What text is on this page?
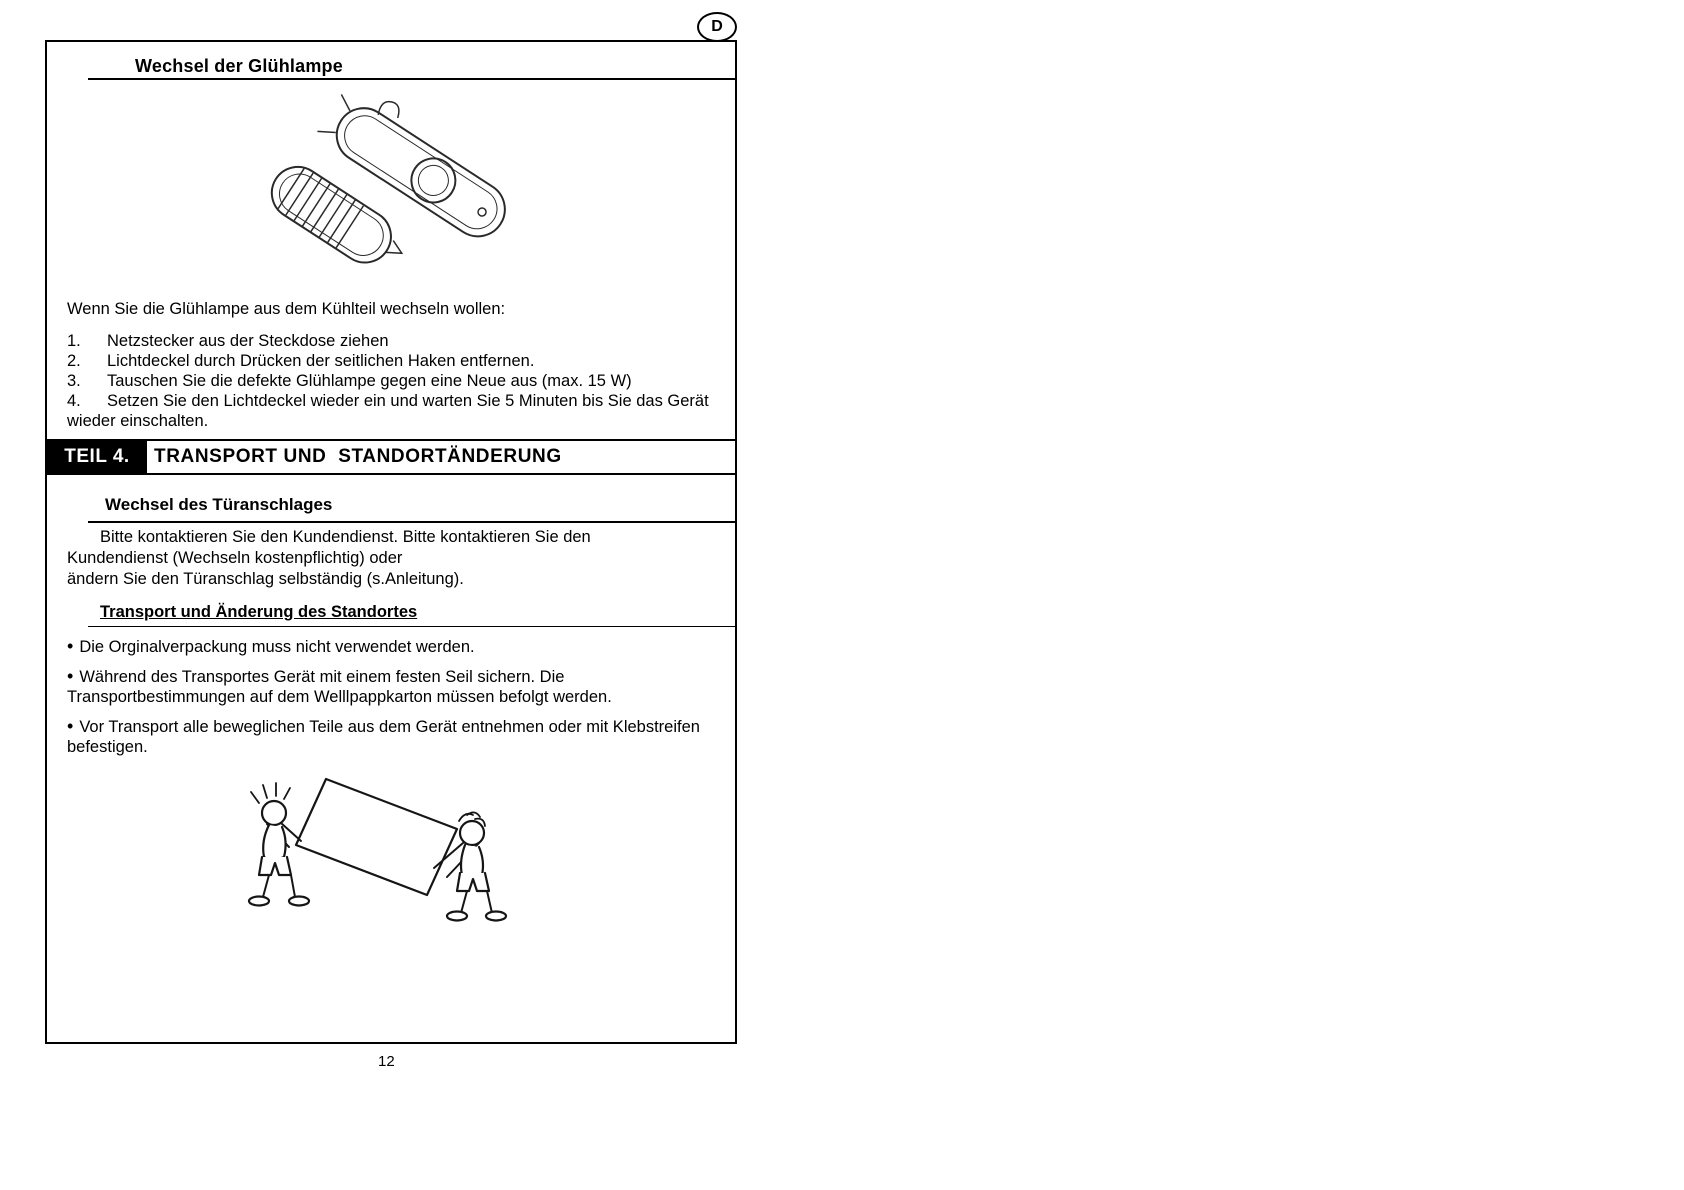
D
Wechsel der Glühlampe
Wenn Sie die Glühlampe aus dem Kühlteil wechseln wollen:
1. Netzstecker aus der Steckdose ziehen
2. Lichtdeckel durch Drücken der seitlichen Haken entfernen.
3. Tauschen Sie die defekte Glühlampe gegen eine Neue aus (max. 15 W)
4. Setzen Sie den Lichtdeckel wieder ein und warten Sie 5 Minuten bis Sie das Gerät wieder einschalten.
TEIL 4.	TRANSPORT UND  STANDORTÄNDERUNG
Wechsel des Türanschlages
Bitte kontaktieren Sie den Kundendienst. Bitte kontaktieren Sie den
Kundendienst (Wechseln kostenpflichtig) oder
ändern Sie den Türanschlag selbständig (s.Anleitung).
Transport und Änderung des Standortes
• Die Orginalverpackung muss nicht verwendet werden.
• Während des Transportes Gerät mit einem festen Seil sichern. Die Transportbestimmungen auf dem Welllpappkarton müssen befolgt werden.
• Vor Transport alle beweglichen Teile aus dem Gerät entnehmen oder mit Klebstreifen befestigen.
12
